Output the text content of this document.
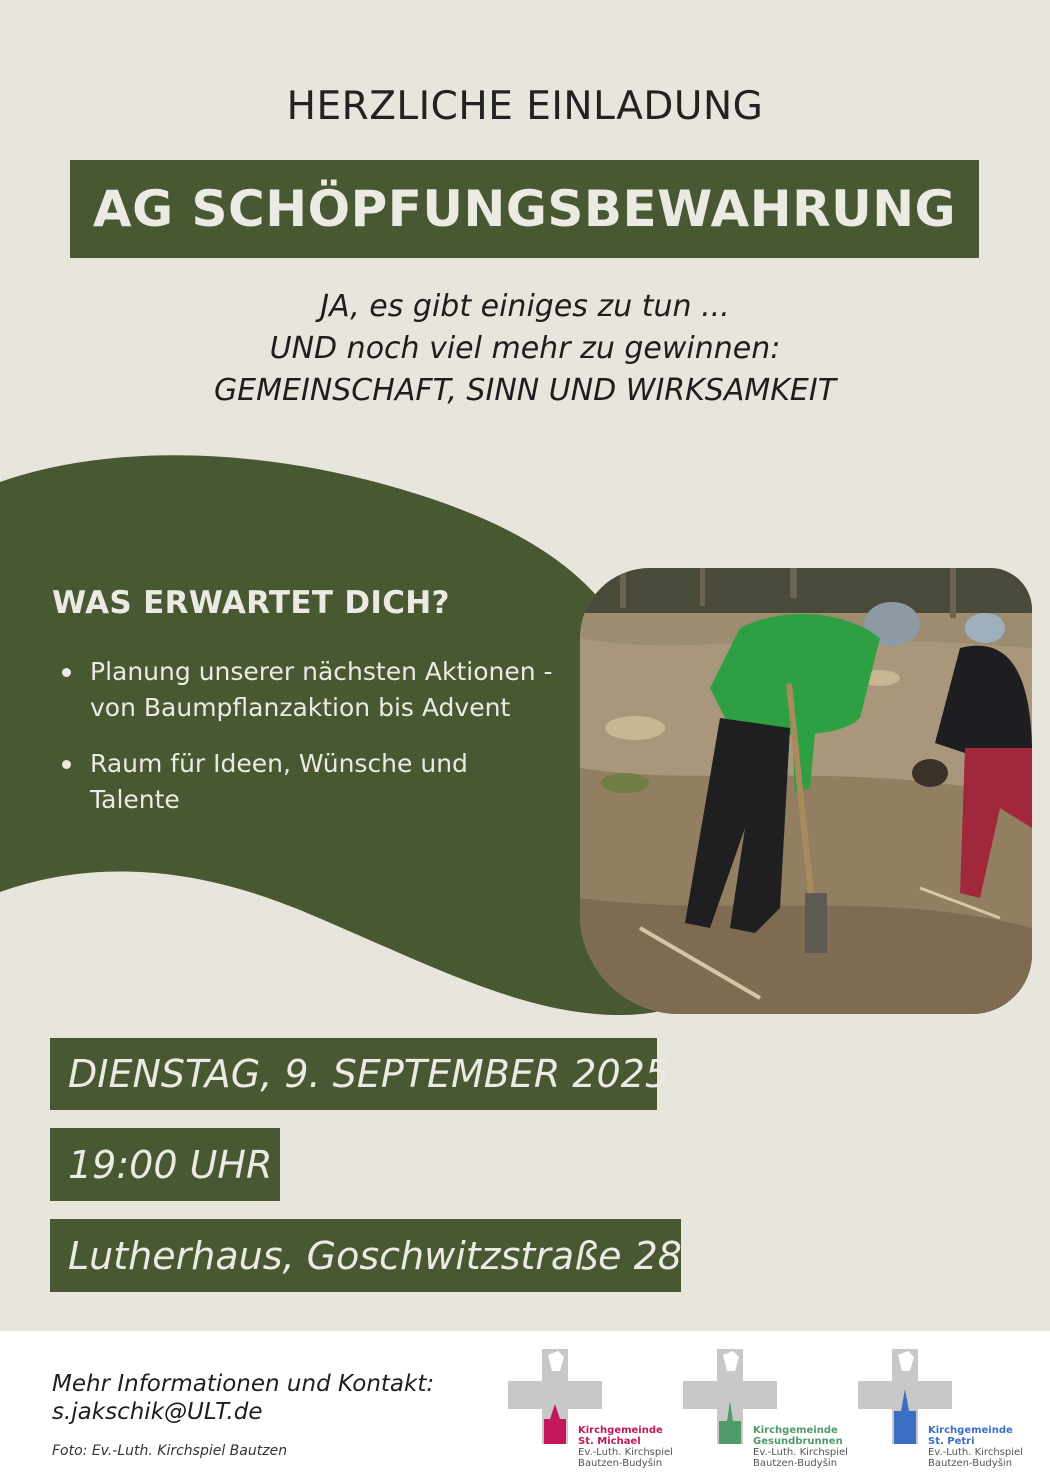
HERZLICHE EINLADUNG
AG SCHÖPFUNGSBEWAHRUNG
JA, es gibt einiges zu tun ...
UND noch viel mehr zu gewinnen:
GEMEINSCHAFT, SINN UND WIRKSAMKEIT
WAS ERWARTET DICH?
Planung unserer nächsten Aktionen -
von Baumpflanzaktion bis Advent
Raum für Ideen, Wünsche und
Talente
DIENSTAG, 9. SEPTEMBER 2025
19:00 UHR
Lutherhaus, Goschwitzstraße 28
Mehr Informationen und Kontakt:
s.jakschik@ULT.de
Foto: Ev.-Luth. Kirchspiel Bautzen
Kirchgemeinde
St. Michael
Ev.-Luth. Kirchspiel
Bautzen-Budyšin
Kirchgemeinde
Gesundbrunnen
Ev.-Luth. Kirchspiel
Bautzen-Budyšin
Kirchgemeinde
St. Petri
Ev.-Luth. Kirchspiel
Bautzen-Budyšin
